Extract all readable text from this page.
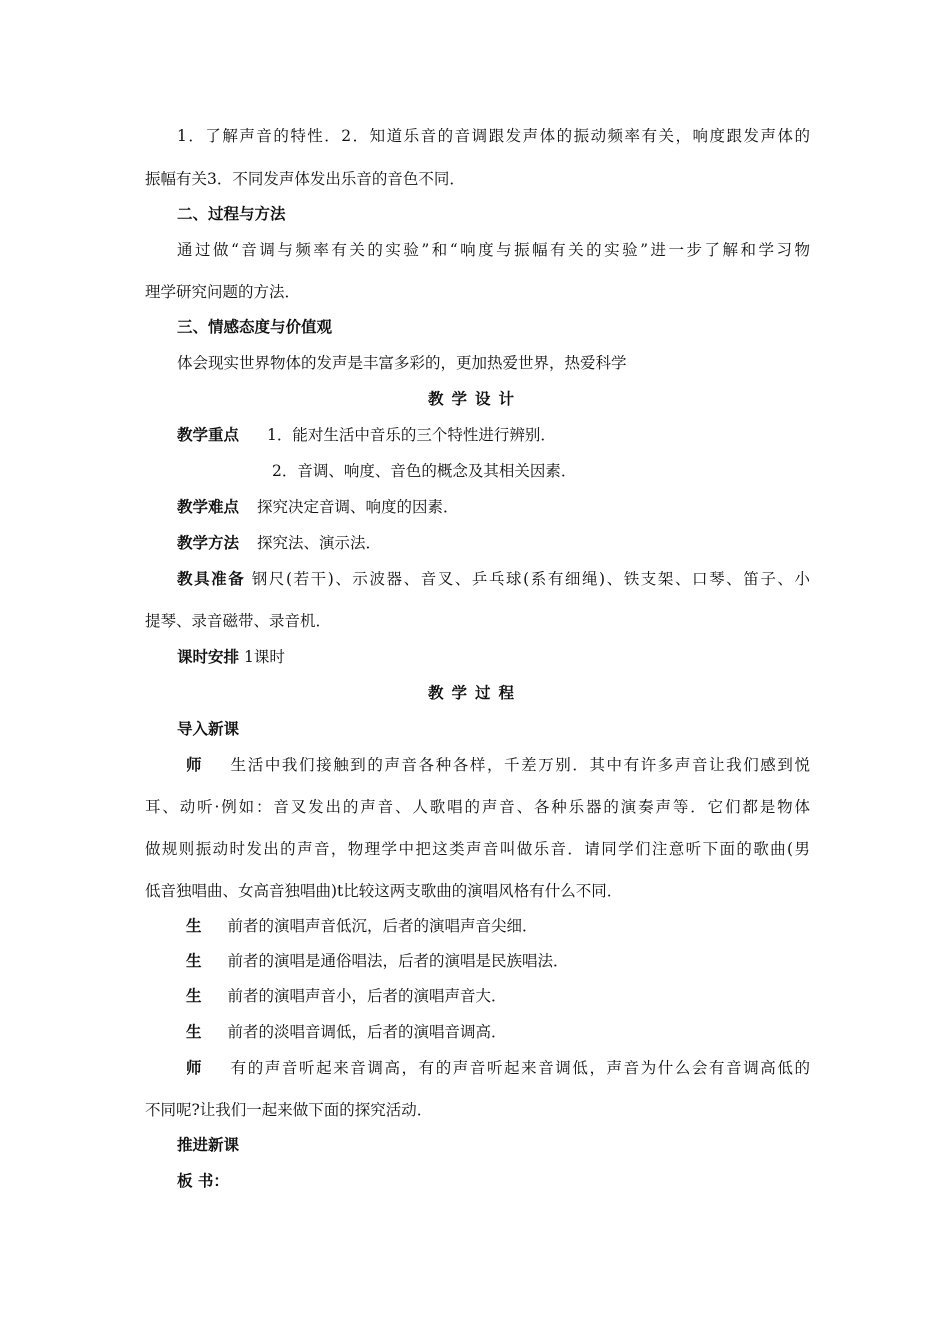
1．了解声音的特性．2．知道乐音的音调跟发声体的振动频率有关，响度跟发声体的
振幅有关3．不同发声体发出乐音的音色不同．
二、过程与方法
通过做“音调与频率有关的实验”和“响度与振幅有关的实验”进一步了解和学习物
理学研究问题的方法．
三、情感态度与价值观
体会现实世界物体的发声是丰富多彩的，更加热爱世界，热爱科学
教学设计
教学重点 1．能对生活中音乐的三个特性进行辨别．
2．音调、响度、音色的概念及其相关因素．
教学难点 探究决定音调、响度的因素．
教学方法 探究法、演示法．
教具准备 钢尺(若干)、示波器、音叉、乒乓球(系有细绳)、铁支架、口琴、笛子、小
提琴、录音磁带、录音机．
课时安排 1课时
教学过程
导入新课
师 生活中我们接触到的声音各种各样，千差万别．其中有许多声音让我们感到悦
耳、动听·例如：音叉发出的声音、人歌唱的声音、各种乐器的演奏声等．它们都是物体
做规则振动时发出的声音，物理学中把这类声音叫做乐音．请同学们注意听下面的歌曲(男
低音独唱曲、女高音独唱曲)t比较这两支歌曲的演唱风格有什么不同．
生 前者的演唱声音低沉，后者的演唱声音尖细．
生 前者的演唱是通俗唱法，后者的演唱是民族唱法．
生 前者的演唱声音小，后者的演唱声音大．
生 前者的淡唱音调低，后者的演唱音调高．
师 有的声音听起来音调高，有的声音听起来音调低，声音为什么会有音调高低的
不同呢?让我们一起来做下面的探究活动．
推进新课
板 书：
